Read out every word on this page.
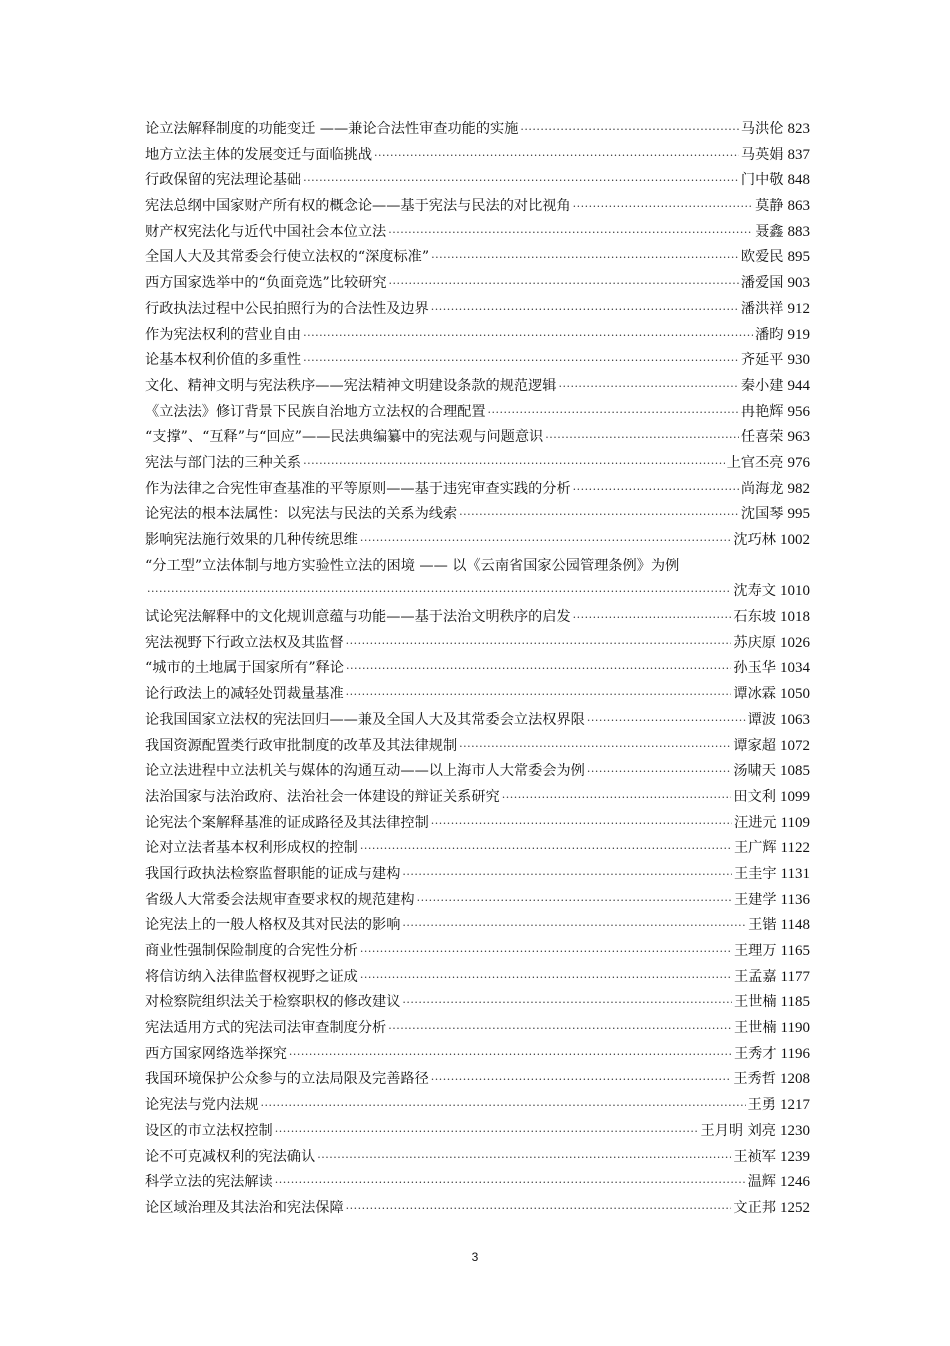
论立法解释制度的功能变迁 ——兼论合法性审查功能的实施 ·····	马洪伦 823
地方立法主体的发展变迁与面临挑战 ·····	马英娟 837
行政保留的宪法理论基础 ·····	门中敬 848
宪法总纲中国家财产所有权的概念论——基于宪法与民法的对比视角 ·····	莫静 863
财产权宪法化与近代中国社会本位立法 ·····	聂鑫 883
全国人大及其常委会行使立法权的“深度标准” ·····	欧爱民 895
西方国家选举中的“负面竞选”比较研究 ·····	潘爱国 903
行政执法过程中公民拍照行为的合法性及边界 ·····	潘洪祥 912
作为宪法权利的营业自由 ·····	潘昀 919
论基本权利价值的多重性 ·····	齐延平 930
文化、精神文明与宪法秩序——宪法精神文明建设条款的规范逻辑 ·····	秦小建 944
《立法法》修订背景下民族自治地方立法权的合理配置 ·····	冉艳辉 956
“支撑”、“互释”与“回应”——民法典编纂中的宪法观与问题意识 ·····	任喜荣 963
宪法与部门法的三种关系 ·····	上官丕亮 976
作为法律之合宪性审查基准的平等原则——基于违宪审查实践的分析 ·····	尚海龙 982
论宪法的根本法属性：以宪法与民法的关系为线索 ·····	沈国琴 995
影响宪法施行效果的几种传统思维 ·····	沈巧林 1002
“分工型”立法体制与地方实验性立法的困境 —— 以《云南省国家公园管理条例》为例
·····
沈寿文 1010
试论宪法解释中的文化规训意蕴与功能——基于法治文明秩序的启发 ·····	石东坡 1018
宪法视野下行政立法权及其监督 ·····	苏庆原 1026
“城市的土地属于国家所有”释论 ·····	孙玉华 1034
论行政法上的减轻处罚裁量基准 ·····	谭冰霖 1050
论我国国家立法权的宪法回归——兼及全国人大及其常委会立法权界限 ·····	谭波 1063
我国资源配置类行政审批制度的改革及其法律规制 ·····	谭家超 1072
论立法进程中立法机关与媒体的沟通互动——以上海市人大常委会为例 ·····	汤啸天 1085
法治国家与法治政府、法治社会一体建设的辩证关系研究 ·····	田文利 1099
论宪法个案解释基准的证成路径及其法律控制 ·····	汪进元 1109
论对立法者基本权利形成权的控制 ·····	王广辉 1122
我国行政执法检察监督职能的证成与建构 ·····	王圭宇 1131
省级人大常委会法规审查要求权的规范建构 ·····	王建学 1136
论宪法上的一般人格权及其对民法的影响 ·····	王锴 1148
商业性强制保险制度的合宪性分析 ·····	王理万 1165
将信访纳入法律监督权视野之证成 ·····	王孟嘉 1177
对检察院组织法关于检察职权的修改建议 ·····	王世楠 1185
宪法适用方式的宪法司法审查制度分析 ·····	王世楠 1190
西方国家网络选举探究 ·····	王秀才 1196
我国环境保护公众参与的立法局限及完善路径 ·····	王秀哲 1208
论宪法与党内法规 ·····	王勇 1217
设区的市立法权控制 ·····	王月明 刘亮 1230
论不可克减权利的宪法确认 ·····	王祯军 1239
科学立法的宪法解读 ·····	温辉 1246
论区域治理及其法治和宪法保障 ·····	文正邦 1252
3
